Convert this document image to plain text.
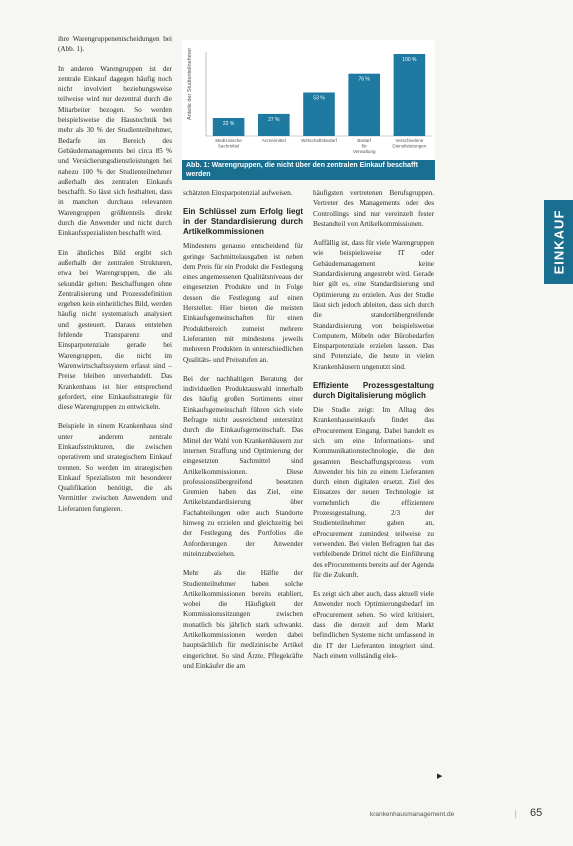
ihre Warengruppenentscheidungen bei (Abb. 1).

In anderen Warengruppen ist der zentrale Einkauf dagegen häufig noch nicht involviert beziehungsweise teilweise wird nur dezentral durch die Mitarbeiter bezogen. So werden beispielsweise die Haustechnik bei mehr als 30 % der Studienteilnehmer, Bedarfe im Bereich des Gebäudemanagements bei circa 85 % und Versicherungsdienstleistungen bei nahezu 100 % der Studienteilnehmer außerhalb des zentralen Einkaufs beschafft. So lässt sich festhalten, dass in manchen durchaus relevanten Warengruppen größtenteils direkt durch die Anwender und nicht durch Einkaufsspezialisten beschafft wird.

Ein ähnliches Bild ergibt sich außerhalb der zentralen Strukturen, etwa bei Warengruppen, die als sekundär gelten: Beschaffungen ohne Zentralisierung und Prozessdefinition ergeben kein einheitliches Bild, werden häufig nicht systematisch analysiert und gesteuert. Daraus entstehen fehlende Transparenz und Einsparpotenziale gerade bei Warengruppen, die nicht im Warenwirtschaftssystem erfasst sind – Preise bleiben unverhandelt. Das Krankenhaus ist hier entsprechend gefordert, eine Einkaufsstrategie für diese Warengruppen zu entwickeln.

Beispiele in einem Krankenhaus sind unter anderem zentrale Einkaufsstrukturen, die zwischen operativem und strategischem Einkauf trennen. So werden im strategischen Einkauf Spezialisten mit besonderer Qualifikation benötigt, die als Vermittler zwischen Anwendern und Lieferanten fungieren.

Anteile der Studienteilnehmer
22 %
Medizinische
Sachmittel
27 %
Arzneimittel
53 %
Wirtschaftsbedarf
76 %
Bedarf
für
Verwaltung
100 %
Verschiedene
Dienstleistungen
Abb. 1: Warengruppen, die nicht über den zentralen Einkauf beschafft werden

schätzten Einsparpotenzial aufweisen.

Ein Schlüssel zum Erfolg liegt in der Standardisierung durch Artikelkommissionen

Mindestens genauso entscheidend für geringe Sachmittelausgaben ist neben dem Preis für ein Produkt die Festlegung eines angemessenen Qualitätsniveaus der eingesetzten Produkte und in Folge dessen die Festlegung auf einen Hersteller. Hier bieten die meisten Einkaufsgemeinschaften für einen Produktbereich zumeist mehrere Lieferanten mit mindestens jeweils mehreren Produkten in unterschiedlichen Qualitäts- und Preisstufen an.

Bei der nachhaltigen Beratung der individuellen Produktauswahl innerhalb des häufig großen Sortiments einer Einkaufsgemeinschaft führen sich viele Befragte nicht ausreichend unterstützt durch die Einkaufsgemeinschaft. Das Mittel der Wahl von Krankenhäusern zur internen Straffung und Optimierung der eingesetzten Sachmittel sind Artikelkommissionen. Diese professionsübergreifend besetzten Gremien haben das Ziel, eine Artikelstandardisierung über Fachabteilungen oder auch Standorte hinweg zu erzielen und gleichzeitig bei der Festlegung des Portfolios die Anforderungen der Anwender miteinzubeziehen.

Mehr als die Hälfte der Studienteilnehmer haben solche Artikelkommissionen bereits etabliert, wobei die Häufigkeit der Kommissionssitzungen zwischen monatlich bis jährlich stark schwankt. Artikelkommissionen werden dabei hauptsächlich für medizinische Artikel eingerichtet. So sind Ärzte, Pflegekräfte und Einkäufer die am

häufigsten vertretenen Berufsgruppen. Vertreter des Managements oder des Controllings sind nur vereinzelt fester Bestandteil von Artikelkommissionen.

Auffällig ist, dass für viele Warengruppen wie beispielsweise IT oder Gebäudemanagement keine Standardisierung angestrebt wird. Gerade hier gilt es, eine Standardisierung und Optimierung zu erzielen. Aus der Studie lässt sich jedoch ableiten, dass sich durch die standortübergreifende Standardisierung von beispielsweise Computern, Möbeln oder Bürobedarfen Einsparpotenziale erzielen lassen. Das sind Potenziale, die heute in vielen Krankenhäusern ungenutzt sind.

Effiziente Prozessgestaltung durch Digitalisierung möglich

Die Studie zeigt: Im Alltag des Krankenhauseinkaufs findet das eProcurement Eingang. Dabei handelt es sich um eine Informations- und Kommunikationstechnologie, die den gesamten Beschaffungsprozess vom Anwender bis hin zu einem Lieferanten durch einen digitalen ersetzt. Ziel des Einsatzes der neuen Technologie ist vornehmlich die effizientere Prozessgestaltung. 2/3 der Studienteilnehmer gaben an, eProcurement zumindest teilweise zu verwenden. Bei vielen Befragten hat das verbleibende Drittel nicht die Einführung des eProcurements bereits auf der Agenda für die Zukunft.

Es zeigt sich aber auch, dass aktuell viele Anwender noch Optimierungsbedarf im eProcurement sehen. So wird kritisiert, dass die derzeit auf dem Markt befindlichen Systeme nicht umfassend in die IT der Lieferanten integriert sind. Nach einem vollständig elek-

▶
EINKAUF
krankenhausmanagement.de	| 65
